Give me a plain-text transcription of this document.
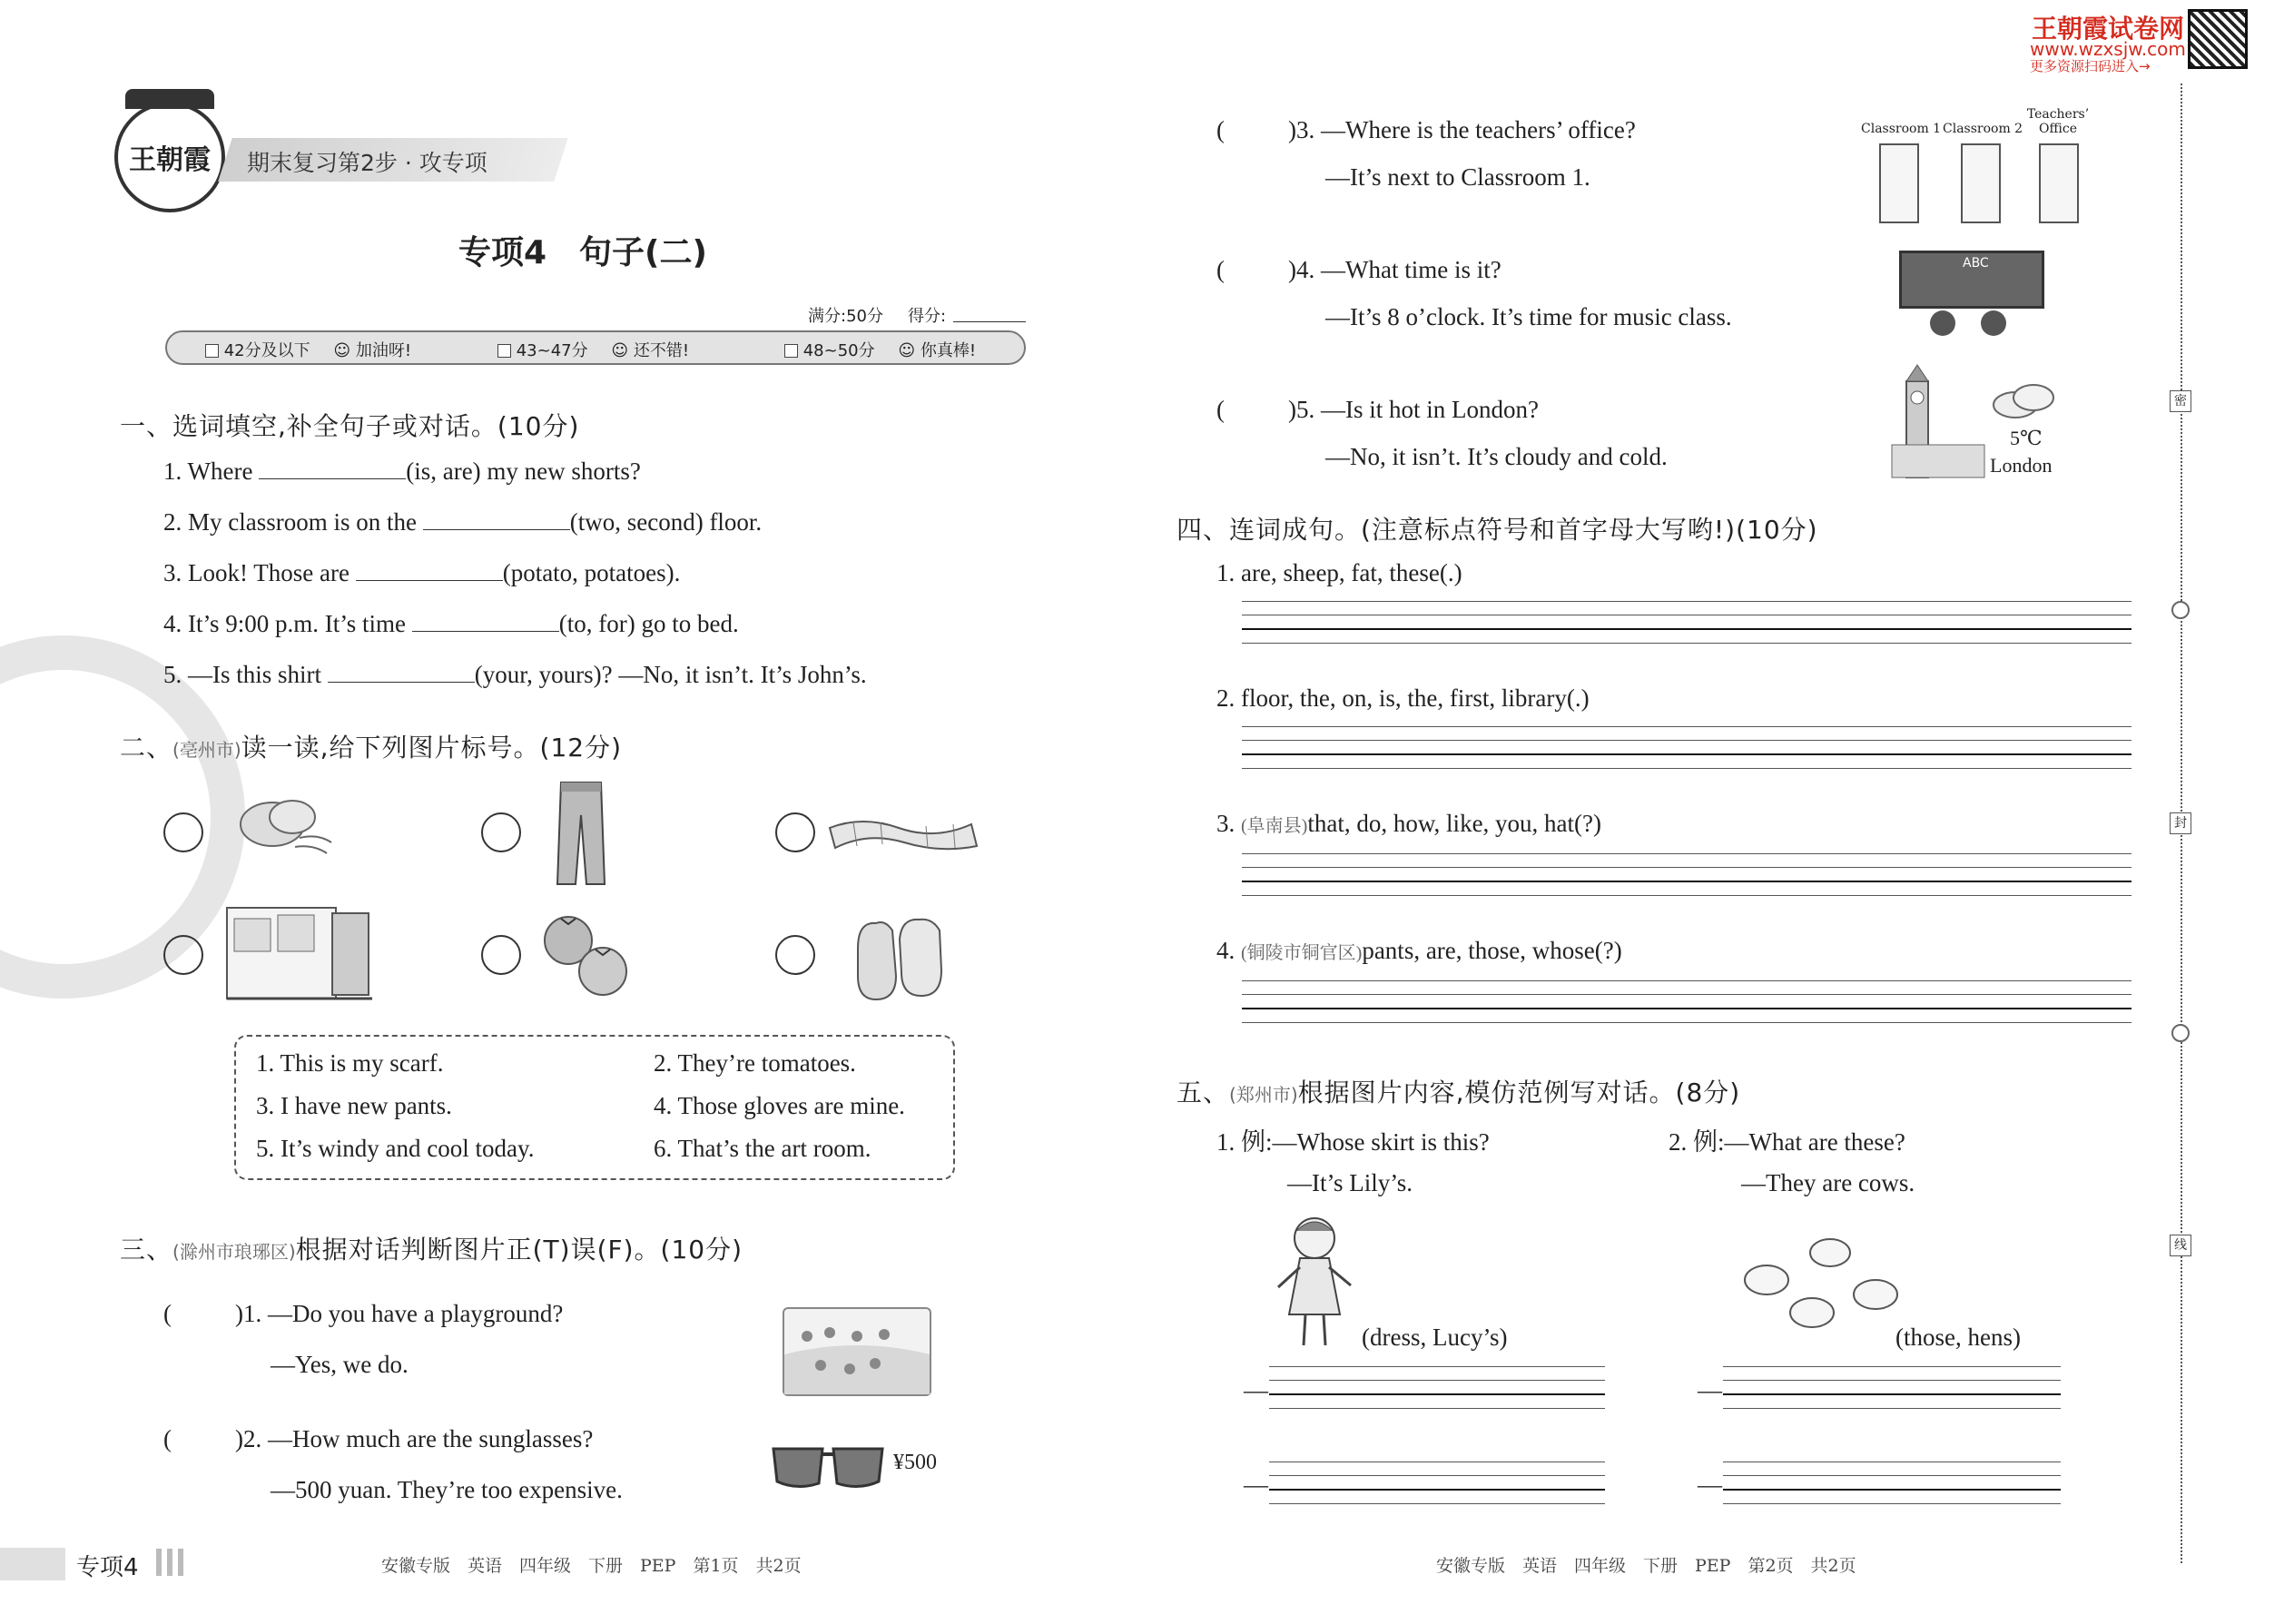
王朝霞 期末复习第2步 · 攻专项
专项4　句子(二)
满分:50分 得分:
42分及以下 ☺ 加油呀!	43~47分 ☺ 还不错!	48~50分 ☺ 你真棒!
一、选词填空,补全句子或对话。(10分)
1. Where	(is, are) my new shorts?
2. My classroom is on the	(two, second) floor.
3. Look! Those are	(potato, potatoes).
4. It’s 9:00 p.m. It’s time	(to, for) go to bed.
5. —Is this shirt	(your, yours)? —No, it isn’t. It’s John’s.
二、(亳州市)读一读,给下列图片标号。(12分)
1. This is my scarf.	2. They’re tomatoes.
3. I have new pants.	4. Those gloves are mine.
5. It’s windy and cool today.	6. That’s the art room.
三、(滁州市琅琊区)根据对话判断图片正(T)误(F)。(10分)
(	)1. —Do you have a playground?
—Yes, we do.
(	)2. —How much are the sunglasses?
—500 yuan. They’re too expensive.
¥500
专项4	安徽专版　英语　四年级　下册　PEP　第1页　共2页
王朝霞试卷网
www.wzxsjw.com
更多资源扫码进入→
密
封
线
(	)3. —Where is the teachers’ office?
—It’s next to Classroom 1.
Classroom 1 Classroom 2
Teachers’ Office
(	)4. —What time is it?
—It’s 8 o’clock. It’s time for music class.
ABC
(	)5. —Is it hot in London?
—No, it isn’t. It’s cloudy and cold.
5℃
London
四、连词成句。(注意标点符号和首字母大写哟!)(10分)
1. are, sheep, fat, these(.)
2. floor, the, on, is, the, first, library(.)
3. (阜南县)that, do, how, like, you, hat(?)
4. (铜陵市铜官区)pants, are, those, whose(?)
五、(郑州市)根据图片内容,模仿范例写对话。(8分)
1. 例:—Whose skirt is this?
—It’s Lily’s.
(dress, Lucy’s)
2. 例:—What are these?
—They are cows.
(those, hens)
—
—
—
—
安徽专版　英语　四年级　下册　PEP　第2页　共2页
